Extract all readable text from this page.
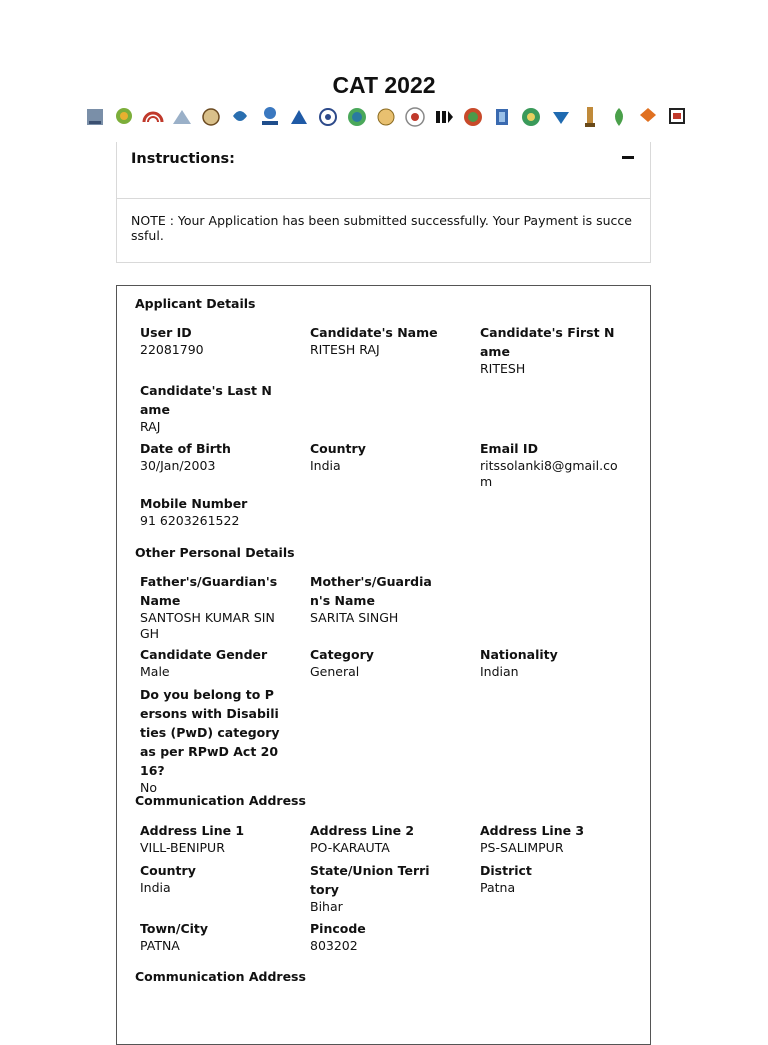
CAT 2022
Instructions:
NOTE : Your Application has been submitted successfully. Your Payment is successful.
Applicant Details
User ID
22081790
Candidate's Name
RITESH RAJ
Candidate's First Name
RITESH
Candidate's Last Name
RAJ
Date of Birth
30/Jan/2003
Country
India
Email ID
ritssolanki8@gmail.com
Mobile Number
91 6203261522
Other Personal Details
Father's/Guardian's Name
SANTOSH KUMAR SINGH
Mother's/Guardian's Name
SARITA SINGH
Candidate Gender
Male
Category
General
Nationality
Indian
Do you belong to Persons with Disabilities (PwD) category as per RPwD Act 2016?
No
Communication Address
Address Line 1
VILL-BENIPUR
Address Line 2
PO-KARAUTA
Address Line 3
PS-SALIMPUR
Country
India
State/Union Territory
Bihar
District
Patna
Town/City
PATNA
Pincode
803202
Communication Address
